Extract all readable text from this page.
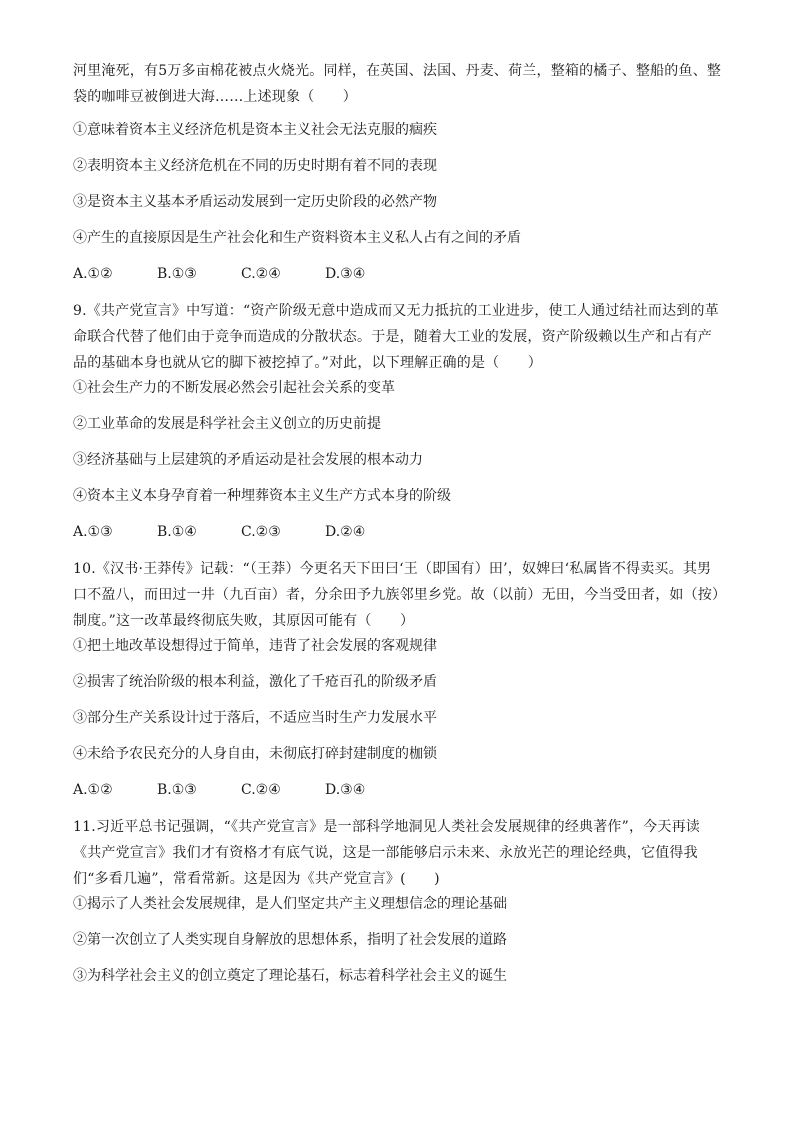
河里淹死，有5万多亩棉花被点火烧光。同样，在英国、法国、丹麦、荷兰，整箱的橘子、整船的鱼、整袋的咖啡豆被倒进大海……上述现象（　　）

①意味着资本主义经济危机是资本主义社会无法克服的痼疾

②表明资本主义经济危机在不同的历史时期有着不同的表现

③是资本主义基本矛盾运动发展到一定历史阶段的必然产物

④产生的直接原因是生产社会化和生产资料资本主义私人占有之间的矛盾

A.①②	B.①③	C.②④	D.③④

9.《共产党宣言》中写道：“资产阶级无意中造成而又无力抵抗的工业进步，使工人通过结社而达到的革命联合代替了他们由于竞争而造成的分散状态。于是，随着大工业的发展，资产阶级赖以生产和占有产品的基础本身也就从它的脚下被挖掉了。”对此，以下理解正确的是（　　）

①社会生产力的不断发展必然会引起社会关系的变革

②工业革命的发展是科学社会主义创立的历史前提

③经济基础与上层建筑的矛盾运动是社会发展的根本动力

④资本主义本身孕育着一种埋葬资本主义生产方式本身的阶级

A.①③	B.①④	C.②③	D.②④

10.《汉书·王莽传》记载：“（王莽）今更名天下田曰‘王（即国有）田’，奴婢曰‘私属皆不得卖买。其男口不盈八，而田过一井（九百亩）者，分余田予九族邻里乡党。故（以前）无田，今当受田者，如（按）制度。”这一改革最终彻底失败，其原因可能有（　　）

①把土地改革设想得过于简单，违背了社会发展的客观规律

②损害了统治阶级的根本利益，激化了千疮百孔的阶级矛盾

③部分生产关系设计过于落后，不适应当时生产力发展水平

④未给予农民充分的人身自由，未彻底打碎封建制度的枷锁

A.①②	B.①③	C.②④	D.③④

11.习近平总书记强调，“《共产党宣言》是一部科学地洞见人类社会发展规律的经典著作”，今天再读《共产党宣言》我们才有资格才有底气说，这是一部能够启示未来、永放光芒的理论经典，它值得我们“多看几遍”，常看常新。这是因为《共产党宣言》(　　)

①揭示了人类社会发展规律，是人们坚定共产主义理想信念的理论基础

②第一次创立了人类实现自身解放的思想体系，指明了社会发展的道路

③为科学社会主义的创立奠定了理论基石，标志着科学社会主义的诞生
